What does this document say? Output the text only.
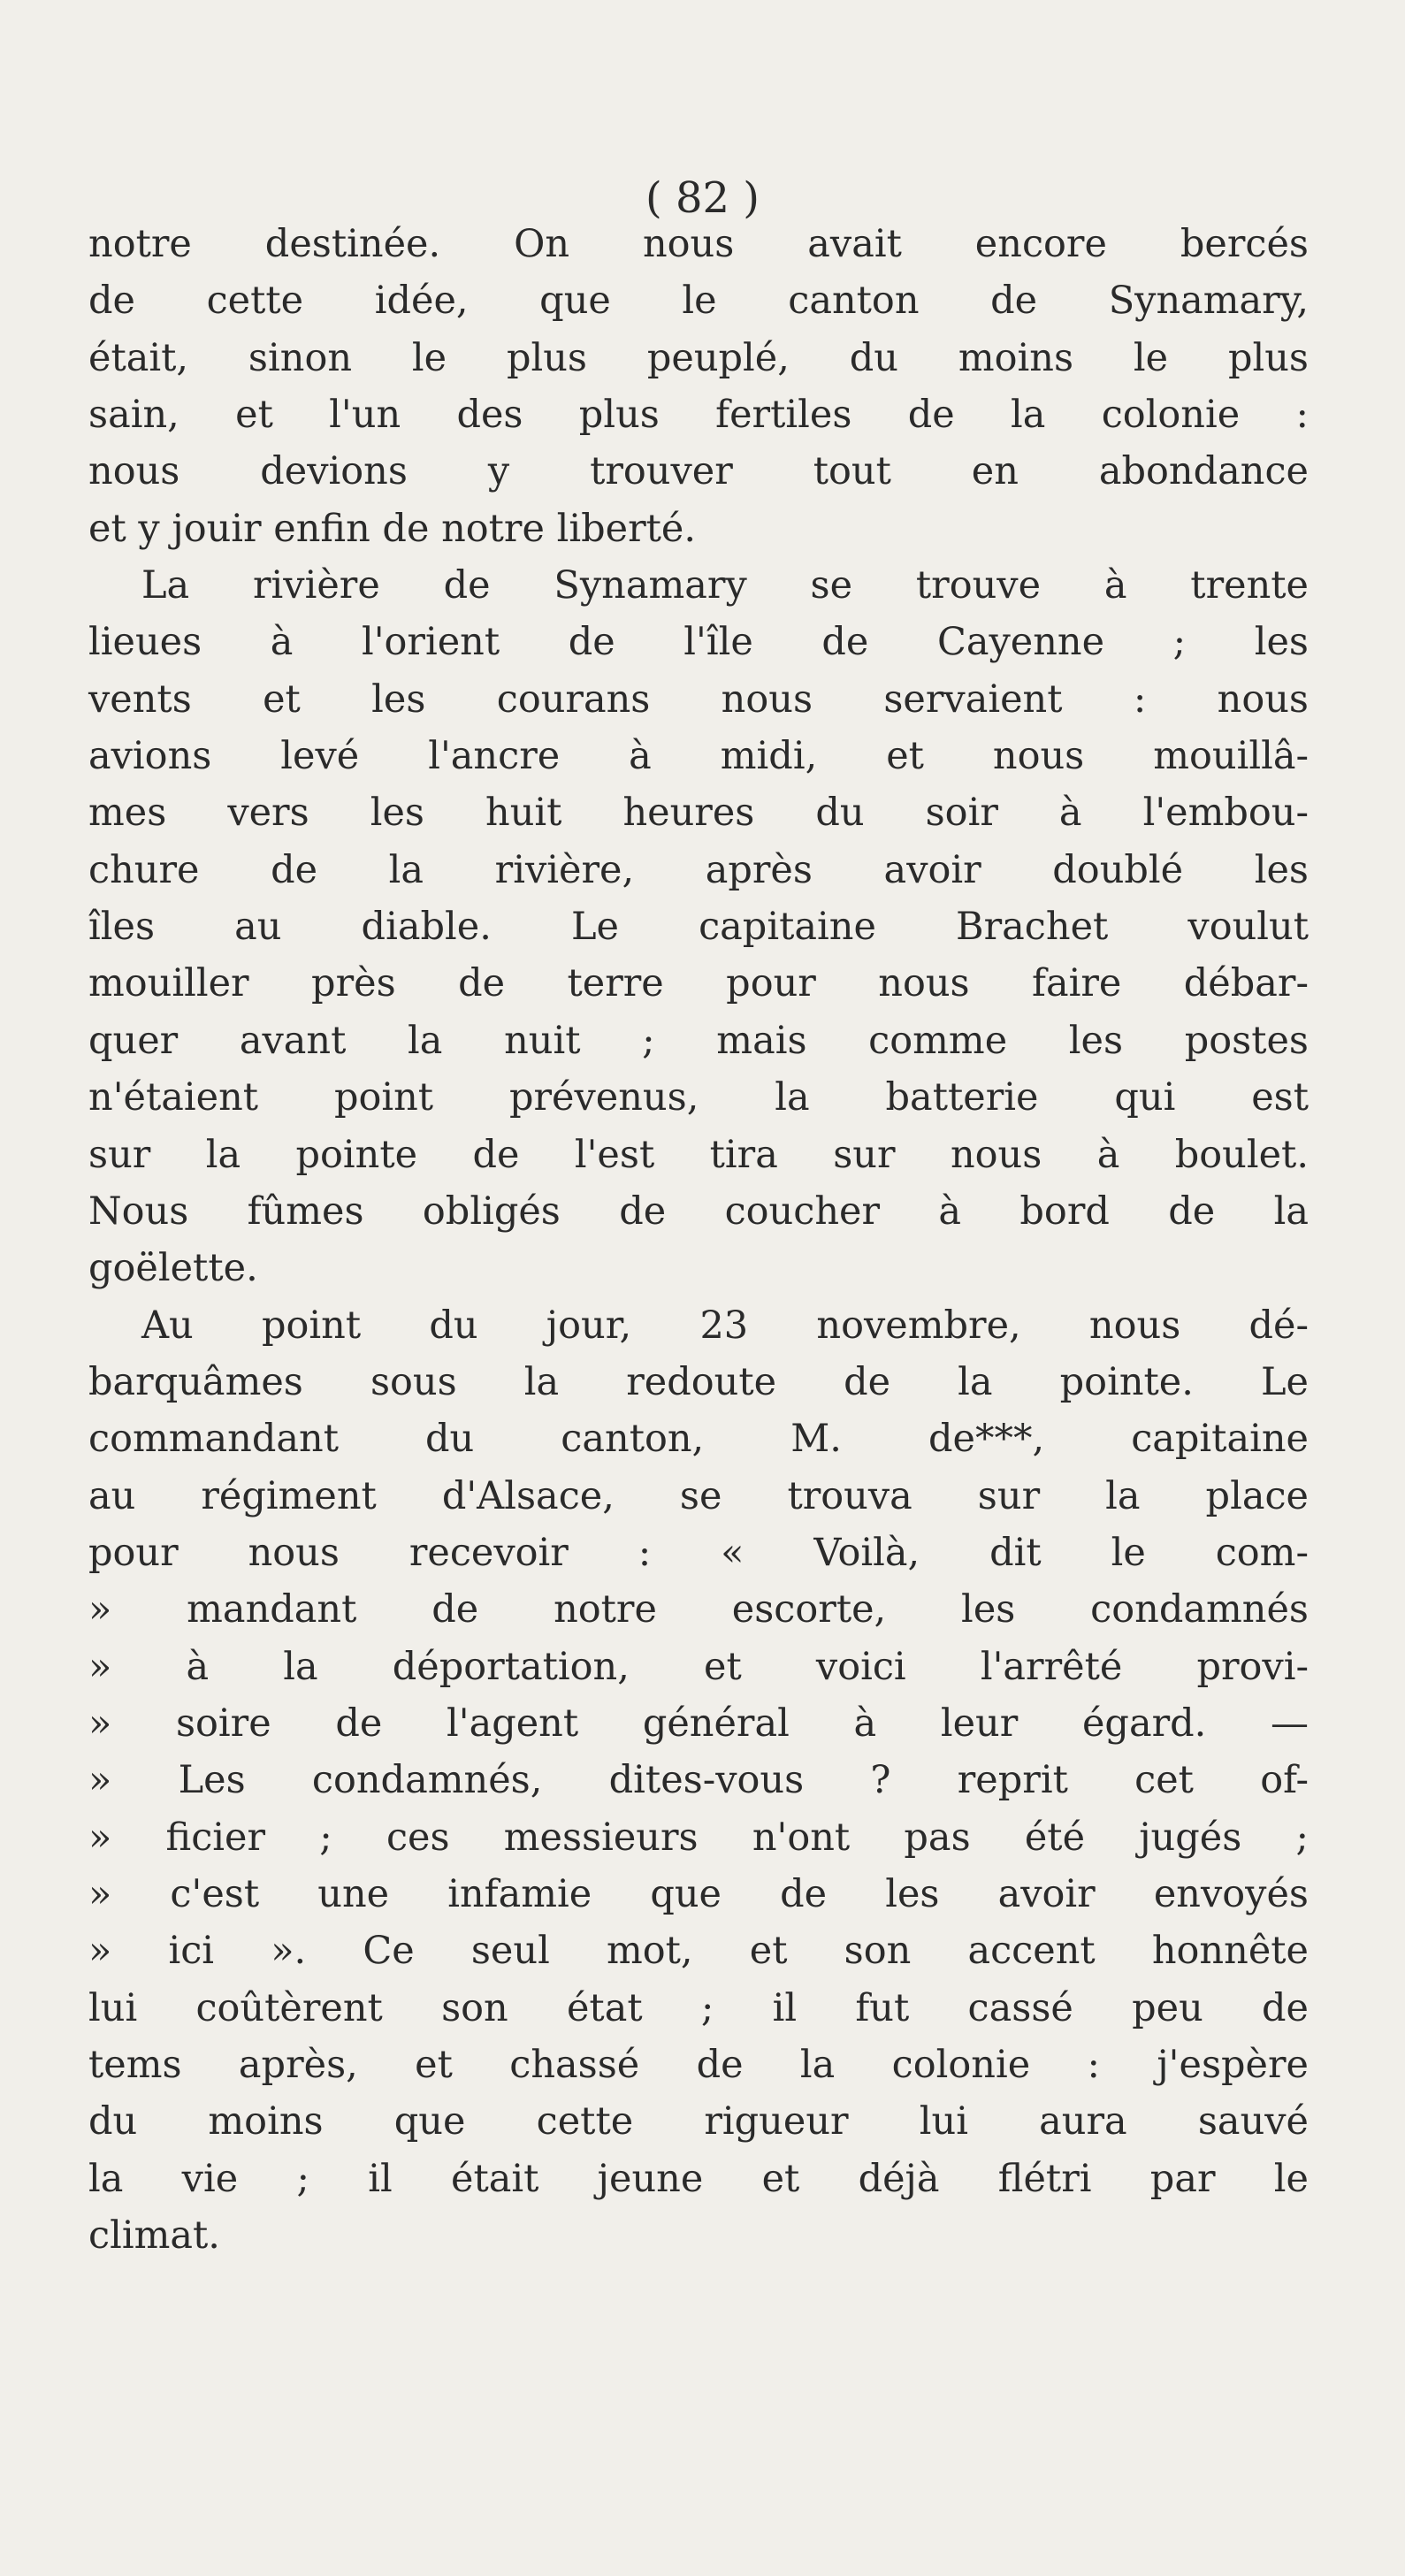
( 82 )
notre destinée. On nous avait encore bercés
de cette idée, que le canton de Synamary,
était, sinon le plus peuplé, du moins le plus
sain, et l'un des plus fertiles de la colonie :
nous devions y trouver tout en abondance
et y jouir enfin de notre liberté.
La rivière de Synamary se trouve à trente
lieues à l'orient de l'île de Cayenne ; les
vents et les courans nous servaient : nous
avions levé l'ancre à midi, et nous mouillâ-
mes vers les huit heures du soir à l'embou-
chure de la rivière, après avoir doublé les
îles au diable. Le capitaine Brachet voulut
mouiller près de terre pour nous faire débar-
quer avant la nuit ; mais comme les postes
n'étaient point prévenus, la batterie qui est
sur la pointe de l'est tira sur nous à boulet.
Nous fûmes obligés de coucher à bord de la
goëlette.
Au point du jour, 23 novembre, nous dé-
barquâmes sous la redoute de la pointe. Le
commandant du canton, M. de***, capitaine
au régiment d'Alsace, se trouva sur la place
pour nous recevoir : « Voilà, dit le com-
» mandant de notre escorte, les condamnés
» à la déportation, et voici l'arrêté provi-
» soire de l'agent général à leur égard. —
» Les condamnés, dites-vous ? reprit cet of-
» ficier ; ces messieurs n'ont pas été jugés ;
» c'est une infamie que de les avoir envoyés
» ici ». Ce seul mot, et son accent honnête
lui coûtèrent son état ; il fut cassé peu de
tems après, et chassé de la colonie : j'espère
du moins que cette rigueur lui aura sauvé
la vie ; il était jeune et déjà flétri par le
climat.
